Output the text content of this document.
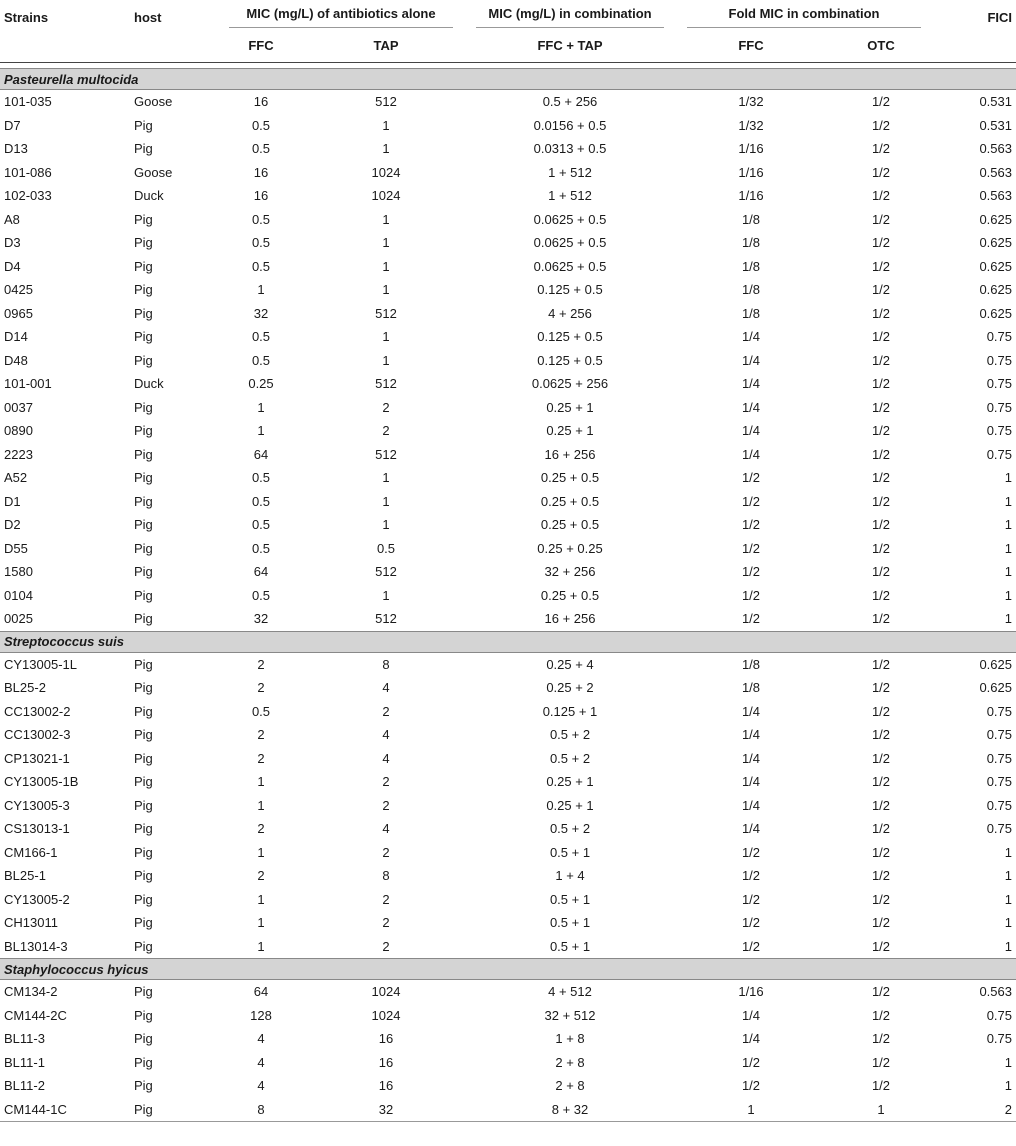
Strains	host	MIC (mg/L) of antibiotics alone		MIC (mg/L) in combination	Fold MIC in combination		FICI
		FFC	TAP	FFC + TAP	FFC	OTC	

Pasteurella multocida							
101-035	Goose	16	512	0.5 + 256	1/32	1/2	0.531
D7	Pig	0.5	1	0.0156 + 0.5	1/32	1/2	0.531
D13	Pig	0.5	1	0.0313 + 0.5	1/16	1/2	0.563
101-086	Goose	16	1024	1 + 512	1/16	1/2	0.563
102-033	Duck	16	1024	1 + 512	1/16	1/2	0.563
A8	Pig	0.5	1	0.0625 + 0.5	1/8	1/2	0.625
D3	Pig	0.5	1	0.0625 + 0.5	1/8	1/2	0.625
D4	Pig	0.5	1	0.0625 + 0.5	1/8	1/2	0.625
0425	Pig	1	1	0.125 + 0.5	1/8	1/2	0.625
0965	Pig	32	512	4 + 256	1/8	1/2	0.625
D14	Pig	0.5	1	0.125 + 0.5	1/4	1/2	0.75
D48	Pig	0.5	1	0.125 + 0.5	1/4	1/2	0.75
101-001	Duck	0.25	512	0.0625 + 256	1/4	1/2	0.75
0037	Pig	1	2	0.25 + 1	1/4	1/2	0.75
0890	Pig	1	2	0.25 + 1	1/4	1/2	0.75
2223	Pig	64	512	16 + 256	1/4	1/2	0.75
A52	Pig	0.5	1	0.25 + 0.5	1/2	1/2	1
D1	Pig	0.5	1	0.25 + 0.5	1/2	1/2	1
D2	Pig	0.5	1	0.25 + 0.5	1/2	1/2	1
D55	Pig	0.5	0.5	0.25 + 0.25	1/2	1/2	1
1580	Pig	64	512	32 + 256	1/2	1/2	1
0104	Pig	0.5	1	0.25 + 0.5	1/2	1/2	1
0025	Pig	32	512	16 + 256	1/2	1/2	1
Streptococcus suis							
CY13005-1L	Pig	2	8	0.25 + 4	1/8	1/2	0.625
BL25-2	Pig	2	4	0.25 + 2	1/8	1/2	0.625
CC13002-2	Pig	0.5	2	0.125 + 1	1/4	1/2	0.75
CC13002-3	Pig	2	4	0.5 + 2	1/4	1/2	0.75
CP13021-1	Pig	2	4	0.5 + 2	1/4	1/2	0.75
CY13005-1B	Pig	1	2	0.25 + 1	1/4	1/2	0.75
CY13005-3	Pig	1	2	0.25 + 1	1/4	1/2	0.75
CS13013-1	Pig	2	4	0.5 + 2	1/4	1/2	0.75
CM166-1	Pig	1	2	0.5 + 1	1/2	1/2	1
BL25-1	Pig	2	8	1 + 4	1/2	1/2	1
CY13005-2	Pig	1	2	0.5 + 1	1/2	1/2	1
CH13011	Pig	1	2	0.5 + 1	1/2	1/2	1
BL13014-3	Pig	1	2	0.5 + 1	1/2	1/2	1
Staphylococcus hyicus							
CM134-2	Pig	64	1024	4 + 512	1/16	1/2	0.563
CM144-2C	Pig	128	1024	32 + 512	1/4	1/2	0.75
BL11-3	Pig	4	16	1 + 8	1/4	1/2	0.75
BL11-1	Pig	4	16	2 + 8	1/2	1/2	1
BL11-2	Pig	4	16	2 + 8	1/2	1/2	1
CM144-1C	Pig	8	32	8 + 32	1	1	2
